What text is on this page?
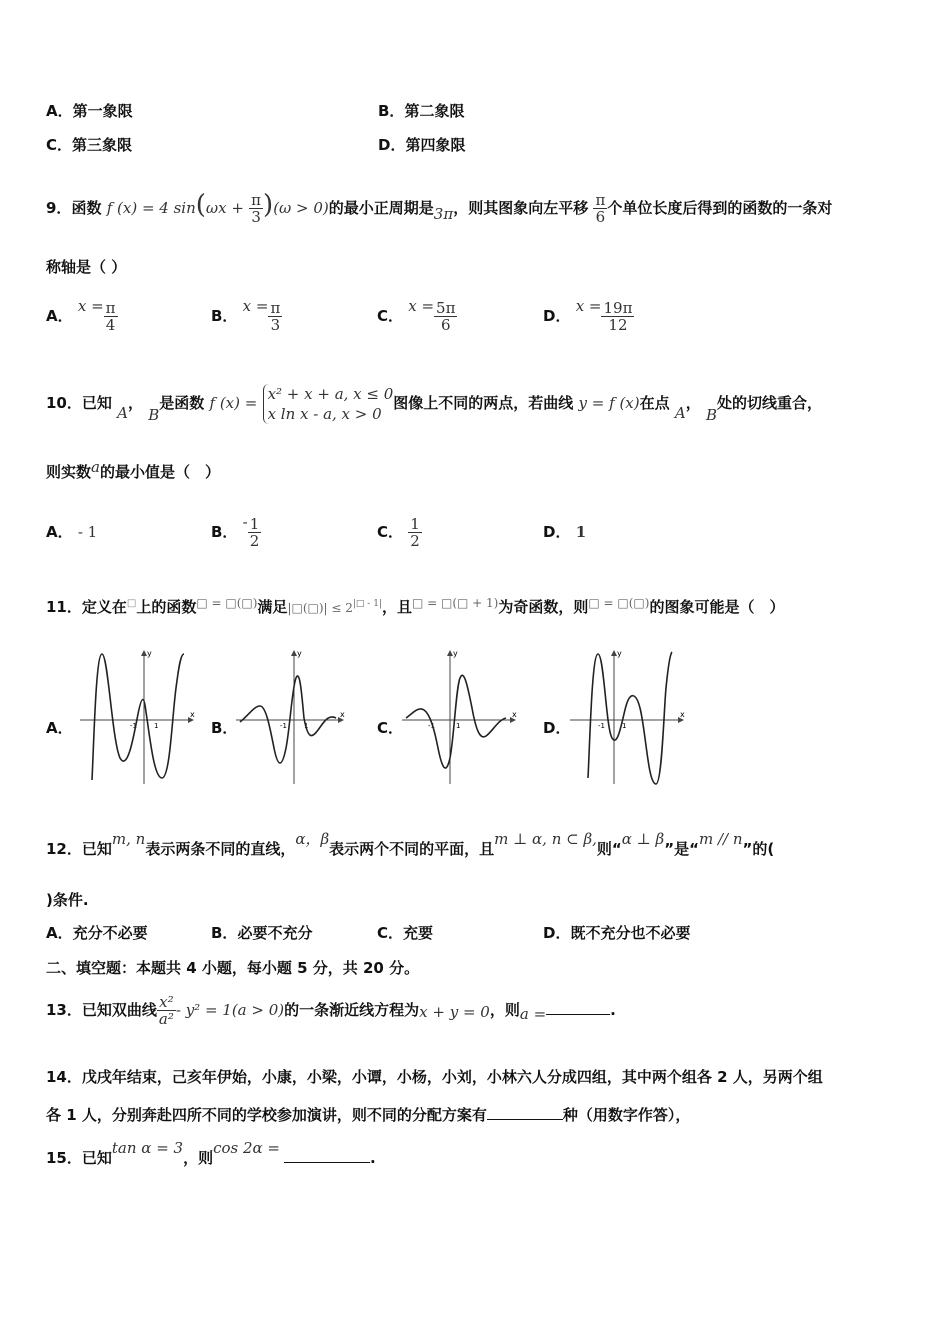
A．第一象限	B．第二象限
C．第三象限	D．第四象限
9．函数 f (x) = 4 $\sin(\omega x + \frac{\pi}{3} )(\omega > 0)$的最小正周期是3π，则其图象向左平移 $\frac{\pi}{6}$ 个单位长度后得到的函数的一条对
称轴是（ ）
A． $x = \frac{\pi}{4}$	B． $x = \frac{\pi}{3}$	C． $x = \frac{5\pi}{6}$	D． $x = \frac{19\pi}{12}$
10．已知 A， B是函数 f (x) =
x² + x + a, x ≤ 0
x ln x - a, x > 0
图像上不同的两点，若曲线 y = f (x)在点 A， B处的切线重合，
则实数a的最小值是（　）
A． - 1	B． - $\frac{1}{2}$	C． $\frac{1}{2}$	D． 1
11．定义在□上的函数□ = □(□)满足|□(□)| ≤ $2^{|□ - 1|}$，且$^{□ = □(□ + 1)}$为奇函数，则□ = □(□)的图象可能是（　）
A．	B．	C．	D．
x
y
-1 1
x
y
-1 1
x
y
-1	1
x
y
-1 1
12．已知m, n表示两条不同的直线，α，β表示两个不同的平面，且m ⊥ α, n ⊂ β,则“α ⊥ β”是“m // n”的(
)条件.
A．充分不必要	B．必要不充分	C．充要	D．既不充分也不必要
二、填空题：本题共 4 小题，每小题 5 分，共 20 分。
13．已知双曲线 $\frac{\text{x²}}{\text{a²}} - y^2 = 1(a > 0)$的一条渐近线方程为x + y = 0，则a =	.
14．戊戌年结束，己亥年伊始，小康，小梁，小谭，小杨，小刘，小林六人分成四组，其中两个组各 2 人，另两个组
各 1 人，分别奔赴四所不同的学校参加演讲，则不同的分配方案有	种（用数字作答），
15．已知tan α = 3，则cos 2α =.
